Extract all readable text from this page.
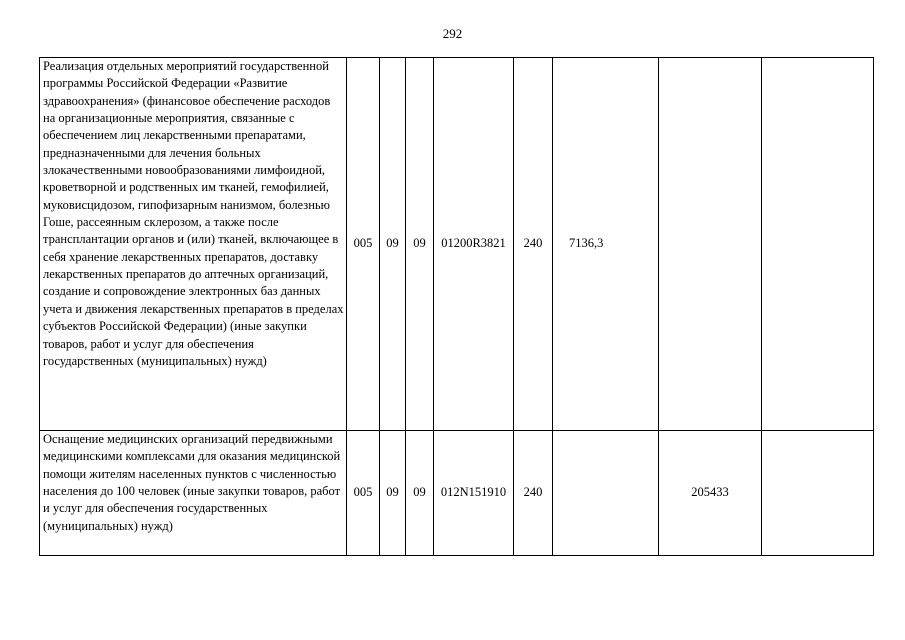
292
Реализация отдельных мероприятий государственной программы Российской Федерации «Развитие здравоохранения» (финансовое обеспечение расходов на организационные мероприятия, связанные с обеспечением лиц лекарственными препаратами, предназначенными для лечения больных злокачественными новообразованиями лимфоидной, кроветворной и родственных им тканей, гемофилией, муковисцидозом, гипофизарным нанизмом, болезнью Гоше, рассеянным склерозом, а также после трансплантации органов и (или) тканей, включающее в себя хранение лекарственных препаратов, доставку лекарственных препаратов до аптечных организаций, создание и сопровождение электронных баз данных учета и движения лекарственных препаратов в пределах субъектов Российской Федерации) (иные закупки товаров, работ и услуг для обеспечения государственных (муниципальных) нужд)	005	09	09	01200R3821	240	7136,3		
Оснащение медицинских организаций передвижными медицинскими комплексами для оказания медицинской помощи жителям населенных пунктов с численностью населения до 100 человек (иные закупки товаров, работ и услуг для обеспечения государственных (муниципальных) нужд)	005	09	09	012N151910	240		205433	
